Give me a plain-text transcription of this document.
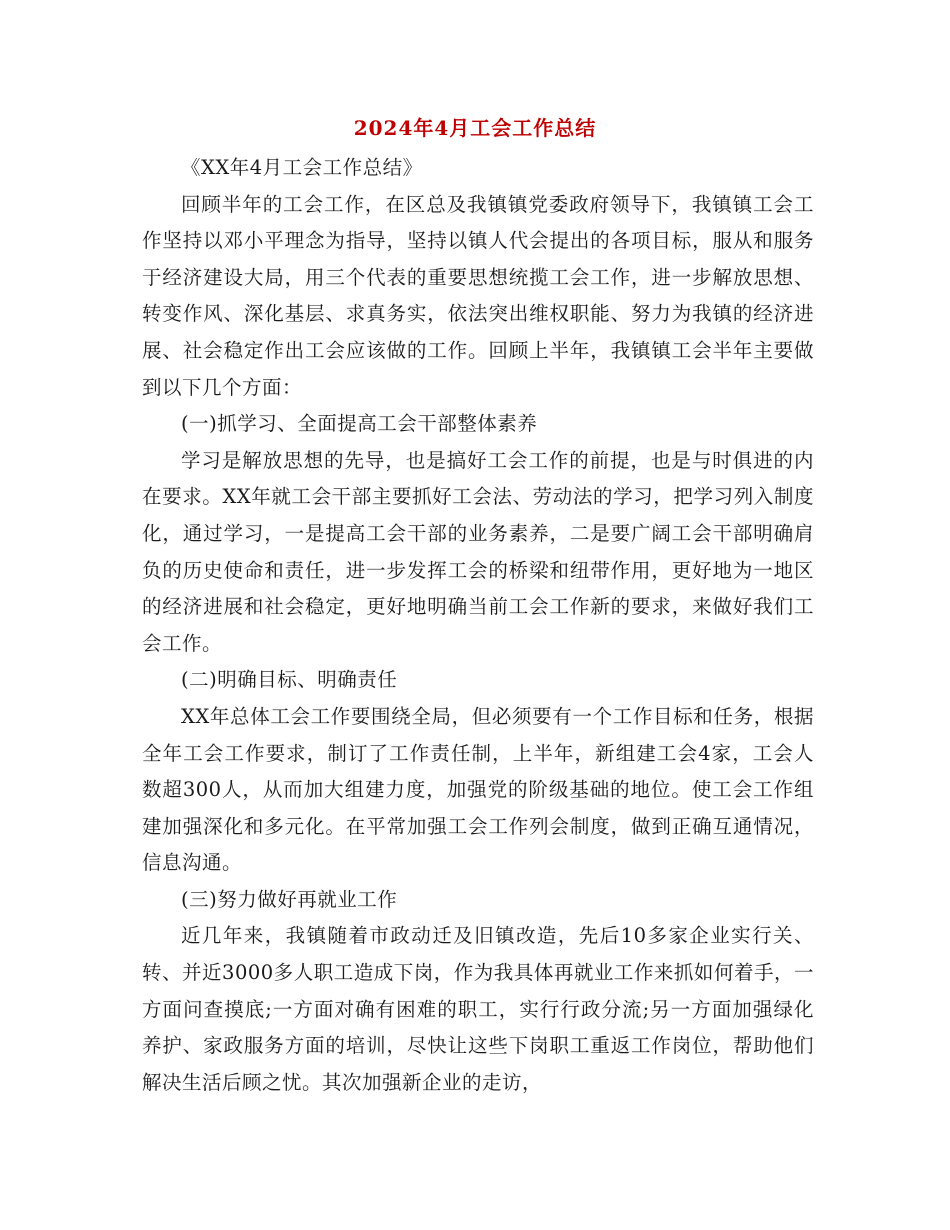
2024年4月工会工作总结

《XX年4月工会工作总结》

回顾半年的工会工作，在区总及我镇镇党委政府领导下，我镇镇工会工作坚持以邓小平理念为指导，坚持以镇人代会提出的各项目标，服从和服务于经济建设大局，用三个代表的重要思想统揽工会工作，进一步解放思想、转变作风、深化基层、求真务实，依法突出维权职能、努力为我镇的经济进展、社会稳定作出工会应该做的工作。回顾上半年，我镇镇工会半年主要做到以下几个方面：

(一)抓学习、全面提高工会干部整体素养

学习是解放思想的先导，也是搞好工会工作的前提，也是与时俱进的内在要求。XX年就工会干部主要抓好工会法、劳动法的学习，把学习列入制度化，通过学习，一是提高工会干部的业务素养，二是要广阔工会干部明确肩负的历史使命和责任，进一步发挥工会的桥梁和纽带作用，更好地为一地区的经济进展和社会稳定，更好地明确当前工会工作新的要求，来做好我们工会工作。

(二)明确目标、明确责任

XX年总体工会工作要围绕全局，但必须要有一个工作目标和任务，根据全年工会工作要求，制订了工作责任制，上半年，新组建工会4家，工会人数超300人，从而加大组建力度，加强党的阶级基础的地位。使工会工作组建加强深化和多元化。在平常加强工会工作列会制度，做到正确互通情况，信息沟通。

(三)努力做好再就业工作

近几年来，我镇随着市政动迁及旧镇改造，先后10多家企业实行关、转、并近3000多人职工造成下岗，作为我具体再就业工作来抓如何着手，一方面问查摸底;一方面对确有困难的职工，实行行政分流;另一方面加强绿化养护、家政服务方面的培训，尽快让这些下岗职工重返工作岗位，帮助他们解决生活后顾之忧。其次加强新企业的走访，
